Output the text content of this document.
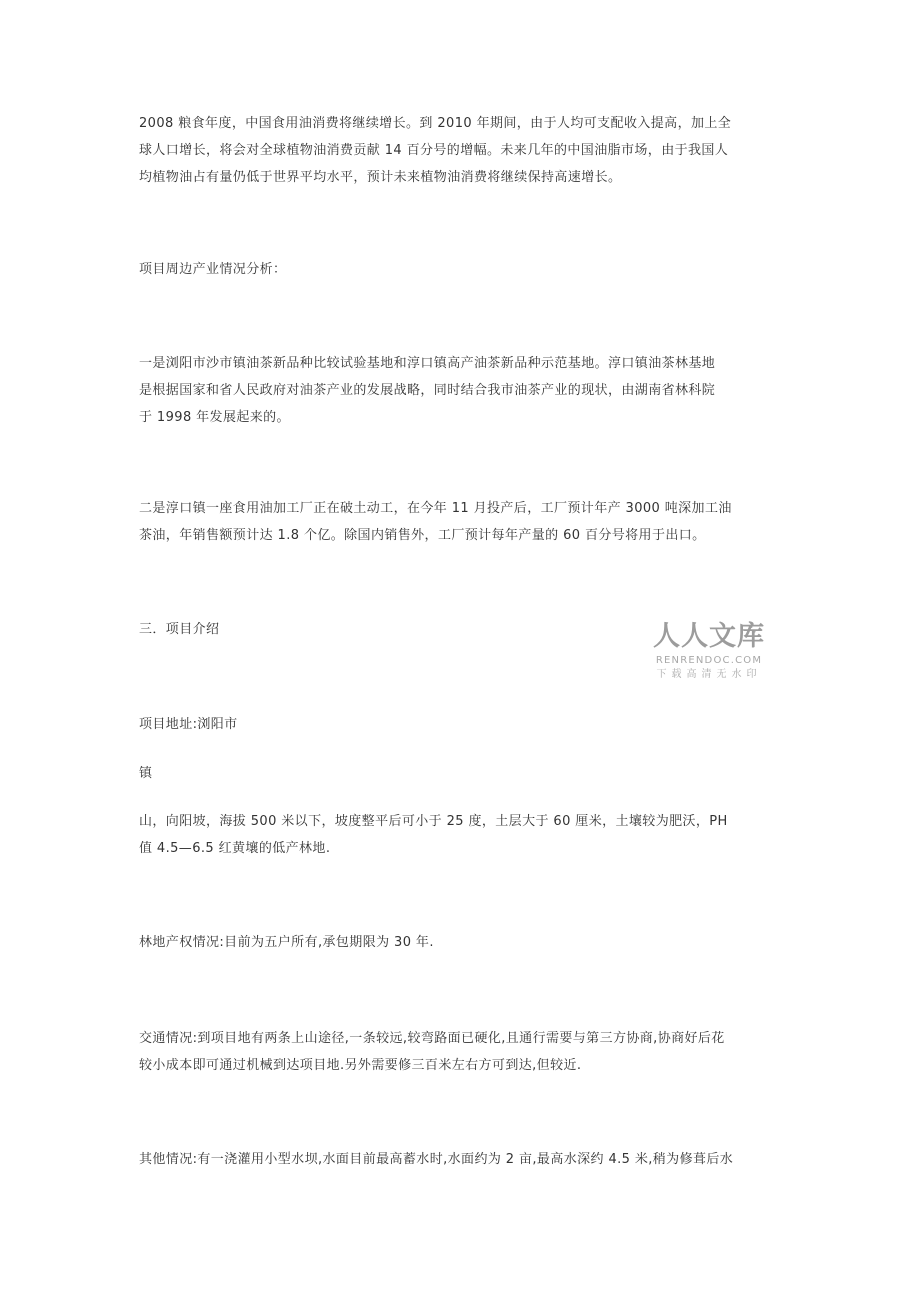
2008 粮食年度，中国食用油消费将继续增长。到 2010 年期间，由于人均可支配收入提高，加上全
球人口增长，将会对全球植物油消费贡献 14 百分号的增幅。未来几年的中国油脂市场，由于我国人
均植物油占有量仍低于世界平均水平，预计未来植物油消费将继续保持高速增长。

项目周边产业情况分析：

一是浏阳市沙市镇油茶新品种比较试验基地和淳口镇高产油茶新品种示范基地。淳口镇油茶林基地
是根据国家和省人民政府对油茶产业的发展战略，同时结合我市油茶产业的现状，由湖南省林科院
于 1998 年发展起来的。

二是淳口镇一座食用油加工厂正在破土动工，在今年 11 月投产后，工厂预计年产 3000 吨深加工油
茶油，年销售额预计达 1.8 个亿。除国内销售外，工厂预计每年产量的 60 百分号将用于出口。

三．项目介绍

项目地址:浏阳市

镇

山，向阳坡，海拔 500 米以下，坡度整平后可小于 25 度，土层大于 60 厘米，土壤较为肥沃，PH
值 4.5—6.5 红黄壤的低产林地.

林地产权情况:目前为五户所有,承包期限为 30 年.

交通情况:到项目地有两条上山途径,一条较远,较弯路面已硬化,且通行需要与第三方协商,协商好后花
较小成本即可通过机械到达项目地.另外需要修三百米左右方可到达,但较近.

其他情况:有一浇灌用小型水坝,水面目前最高蓄水时,水面约为 2 亩,最高水深约 4.5 米,稍为修葺后水

人人文库
RENRENDOC.COM
下载高清无水印
